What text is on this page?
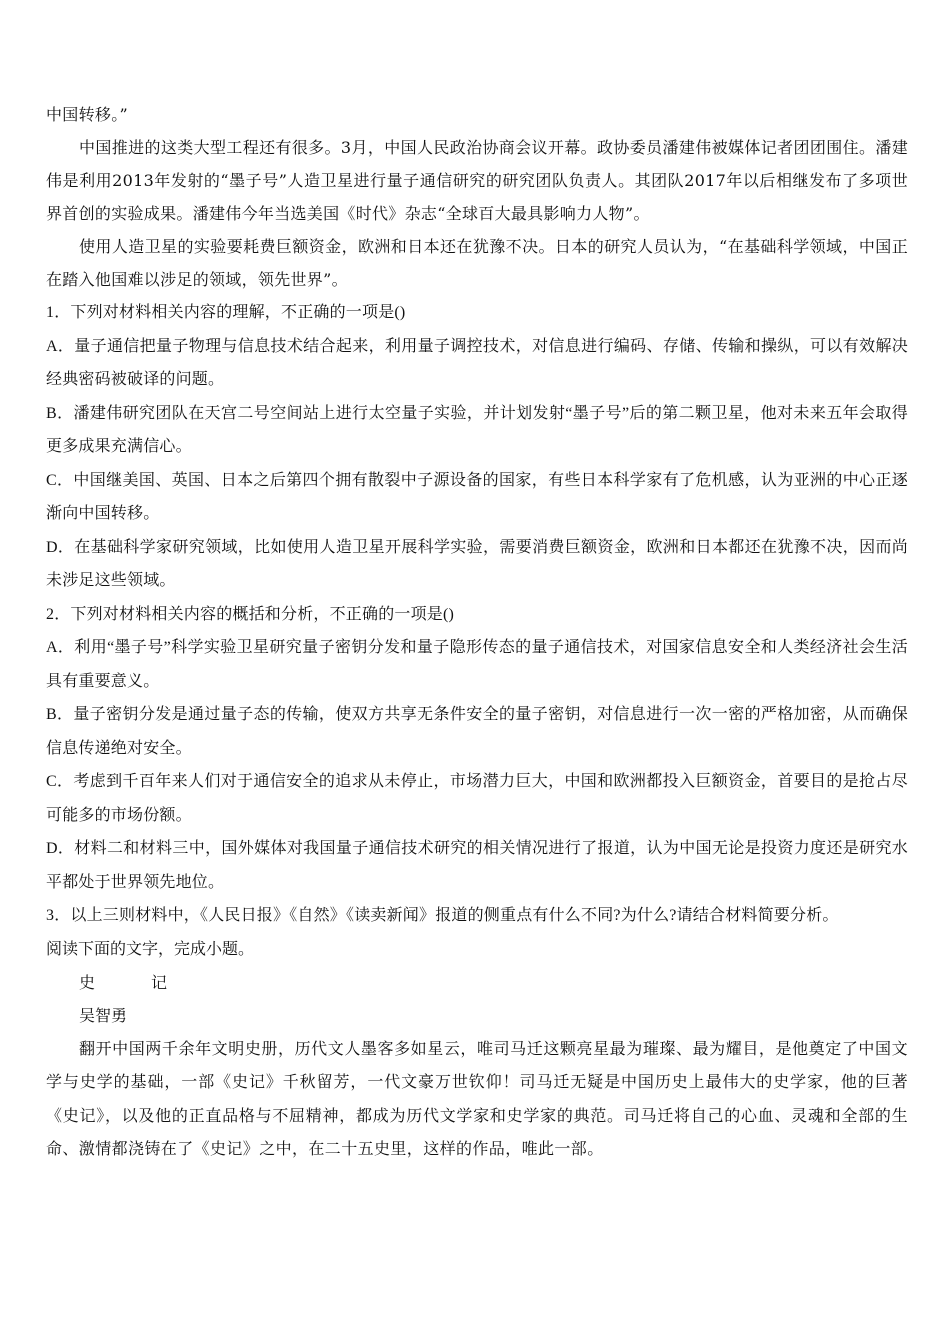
中国转移。”

中国推进的这类大型工程还有很多。3月，中国人民政治协商会议开幕。政协委员潘建伟被媒体记者团团围住。潘建伟是利用2013年发射的“墨子号”人造卫星进行量子通信研究的研究团队负责人。其团队2017年以后相继发布了多项世界首创的实验成果。潘建伟今年当选美国《时代》杂志“全球百大最具影响力人物”。

使用人造卫星的实验要耗费巨额资金，欧洲和日本还在犹豫不决。日本的研究人员认为，“在基础科学领域，中国正在踏入他国难以涉足的领域，领先世界”。

1．下列对材料相关内容的理解，不正确的一项是()

A．量子通信把量子物理与信息技术结合起来，利用量子调控技术，对信息进行编码、存储、传输和操纵，可以有效解决经典密码被破译的问题。

B．潘建伟研究团队在天宫二号空间站上进行太空量子实验，并计划发射“墨子号”后的第二颗卫星，他对未来五年会取得更多成果充满信心。

C．中国继美国、英国、日本之后第四个拥有散裂中子源设备的国家，有些日本科学家有了危机感，认为亚洲的中心正逐渐向中国转移。

D．在基础科学家研究领域，比如使用人造卫星开展科学实验，需要消费巨额资金，欧洲和日本都还在犹豫不决，因而尚未涉足这些领域。

2．下列对材料相关内容的概括和分析，不正确的一项是()

A．利用“墨子号”科学实验卫星研究量子密钥分发和量子隐形传态的量子通信技术，对国家信息安全和人类经济社会生活具有重要意义。

B．量子密钥分发是通过量子态的传输，使双方共享无条件安全的量子密钥，对信息进行一次一密的严格加密，从而确保信息传递绝对安全。

C．考虑到千百年来人们对于通信安全的追求从未停止，市场潜力巨大，中国和欧洲都投入巨额资金，首要目的是抢占尽可能多的市场份额。

D．材料二和材料三中，国外媒体对我国量子通信技术研究的相关情况进行了报道，认为中国无论是投资力度还是研究水平都处于世界领先地位。

3．以上三则材料中，《人民日报》《自然》《读卖新闻》报道的侧重点有什么不同?为什么?请结合材料简要分析。

阅读下面的文字，完成小题。

史	记

吴智勇

翻开中国两千余年文明史册，历代文人墨客多如星云，唯司马迁这颗亮星最为璀璨、最为耀目，是他奠定了中国文学与史学的基础，一部《史记》千秋留芳，一代文豪万世钦仰！司马迁无疑是中国历史上最伟大的史学家，他的巨著《史记》，以及他的正直品格与不屈精神，都成为历代文学家和史学家的典范。司马迁将自己的心血、灵魂和全部的生命、激情都浇铸在了《史记》之中，在二十五史里，这样的作品，唯此一部。
